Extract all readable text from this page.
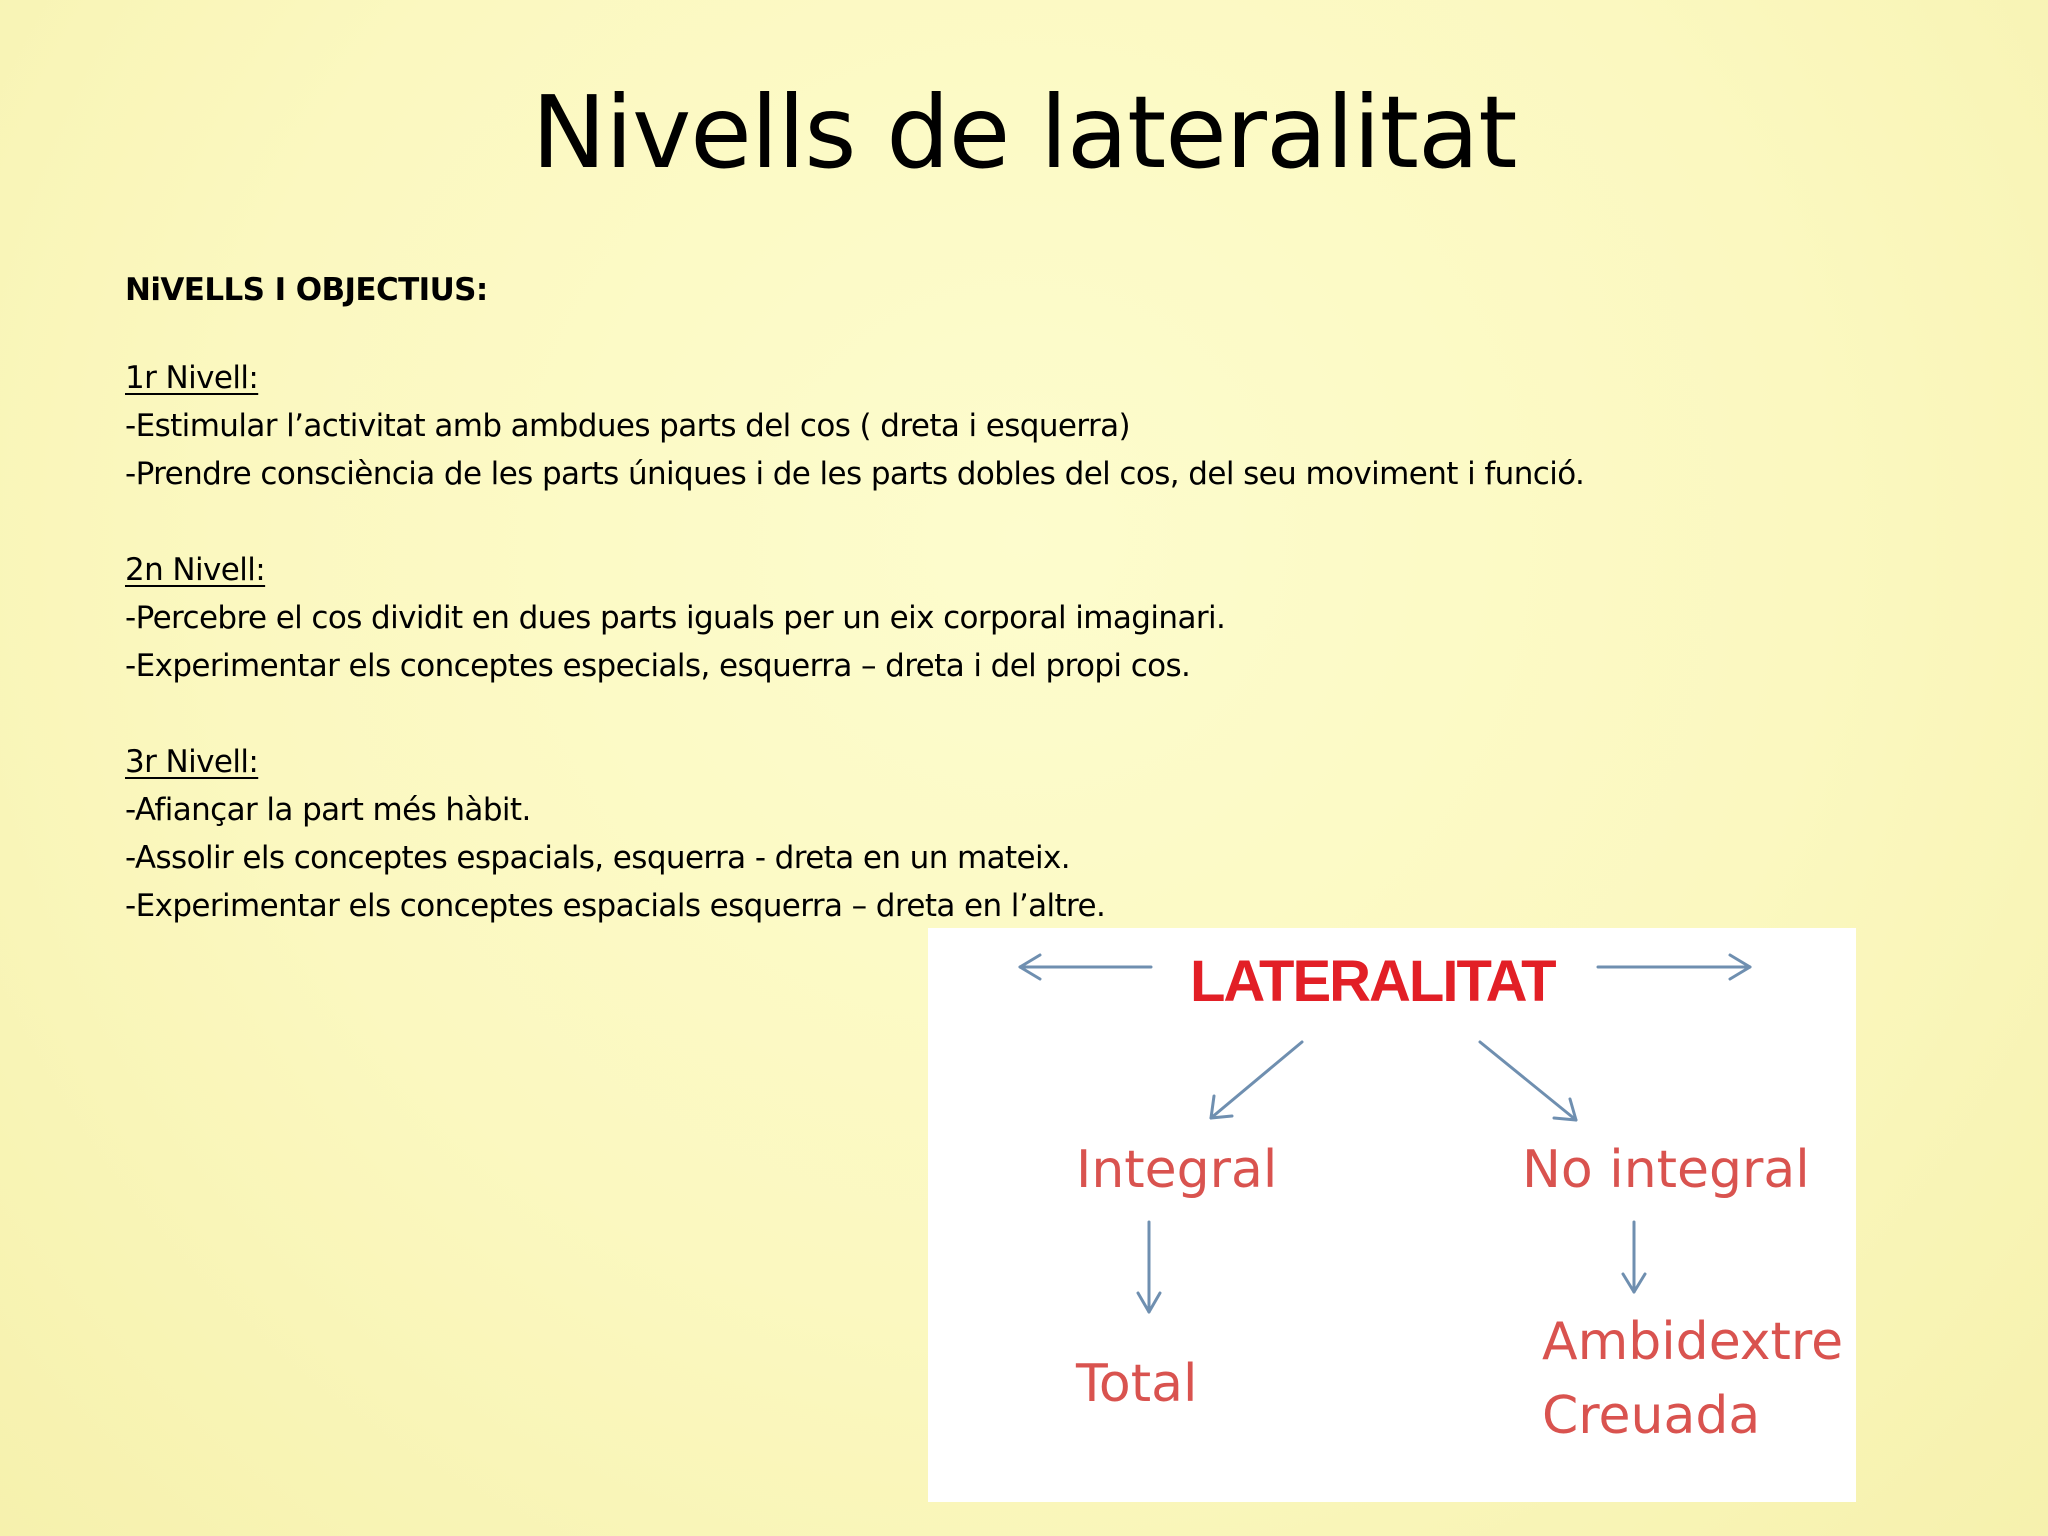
Nivells de lateralitat
NiVELLS I OBJECTIUS:
1r Nivell:
-Estimular l’activitat amb ambdues parts del cos ( dreta i esquerra)
-Prendre consciència de les parts úniques i de les parts dobles del cos, del seu moviment i funció.
2n Nivell:
-Percebre el cos dividit en dues parts iguals per un eix corporal imaginari.
-Experimentar els conceptes especials, esquerra – dreta i del propi cos.
3r Nivell:
-Afiançar la part més hàbit.
-Assolir els conceptes espacials, esquerra - dreta en un mateix.
-Experimentar els conceptes espacials esquerra – dreta en l’altre.
LATERALITAT
Integral	No integral
Total
Ambidextre
Creuada
